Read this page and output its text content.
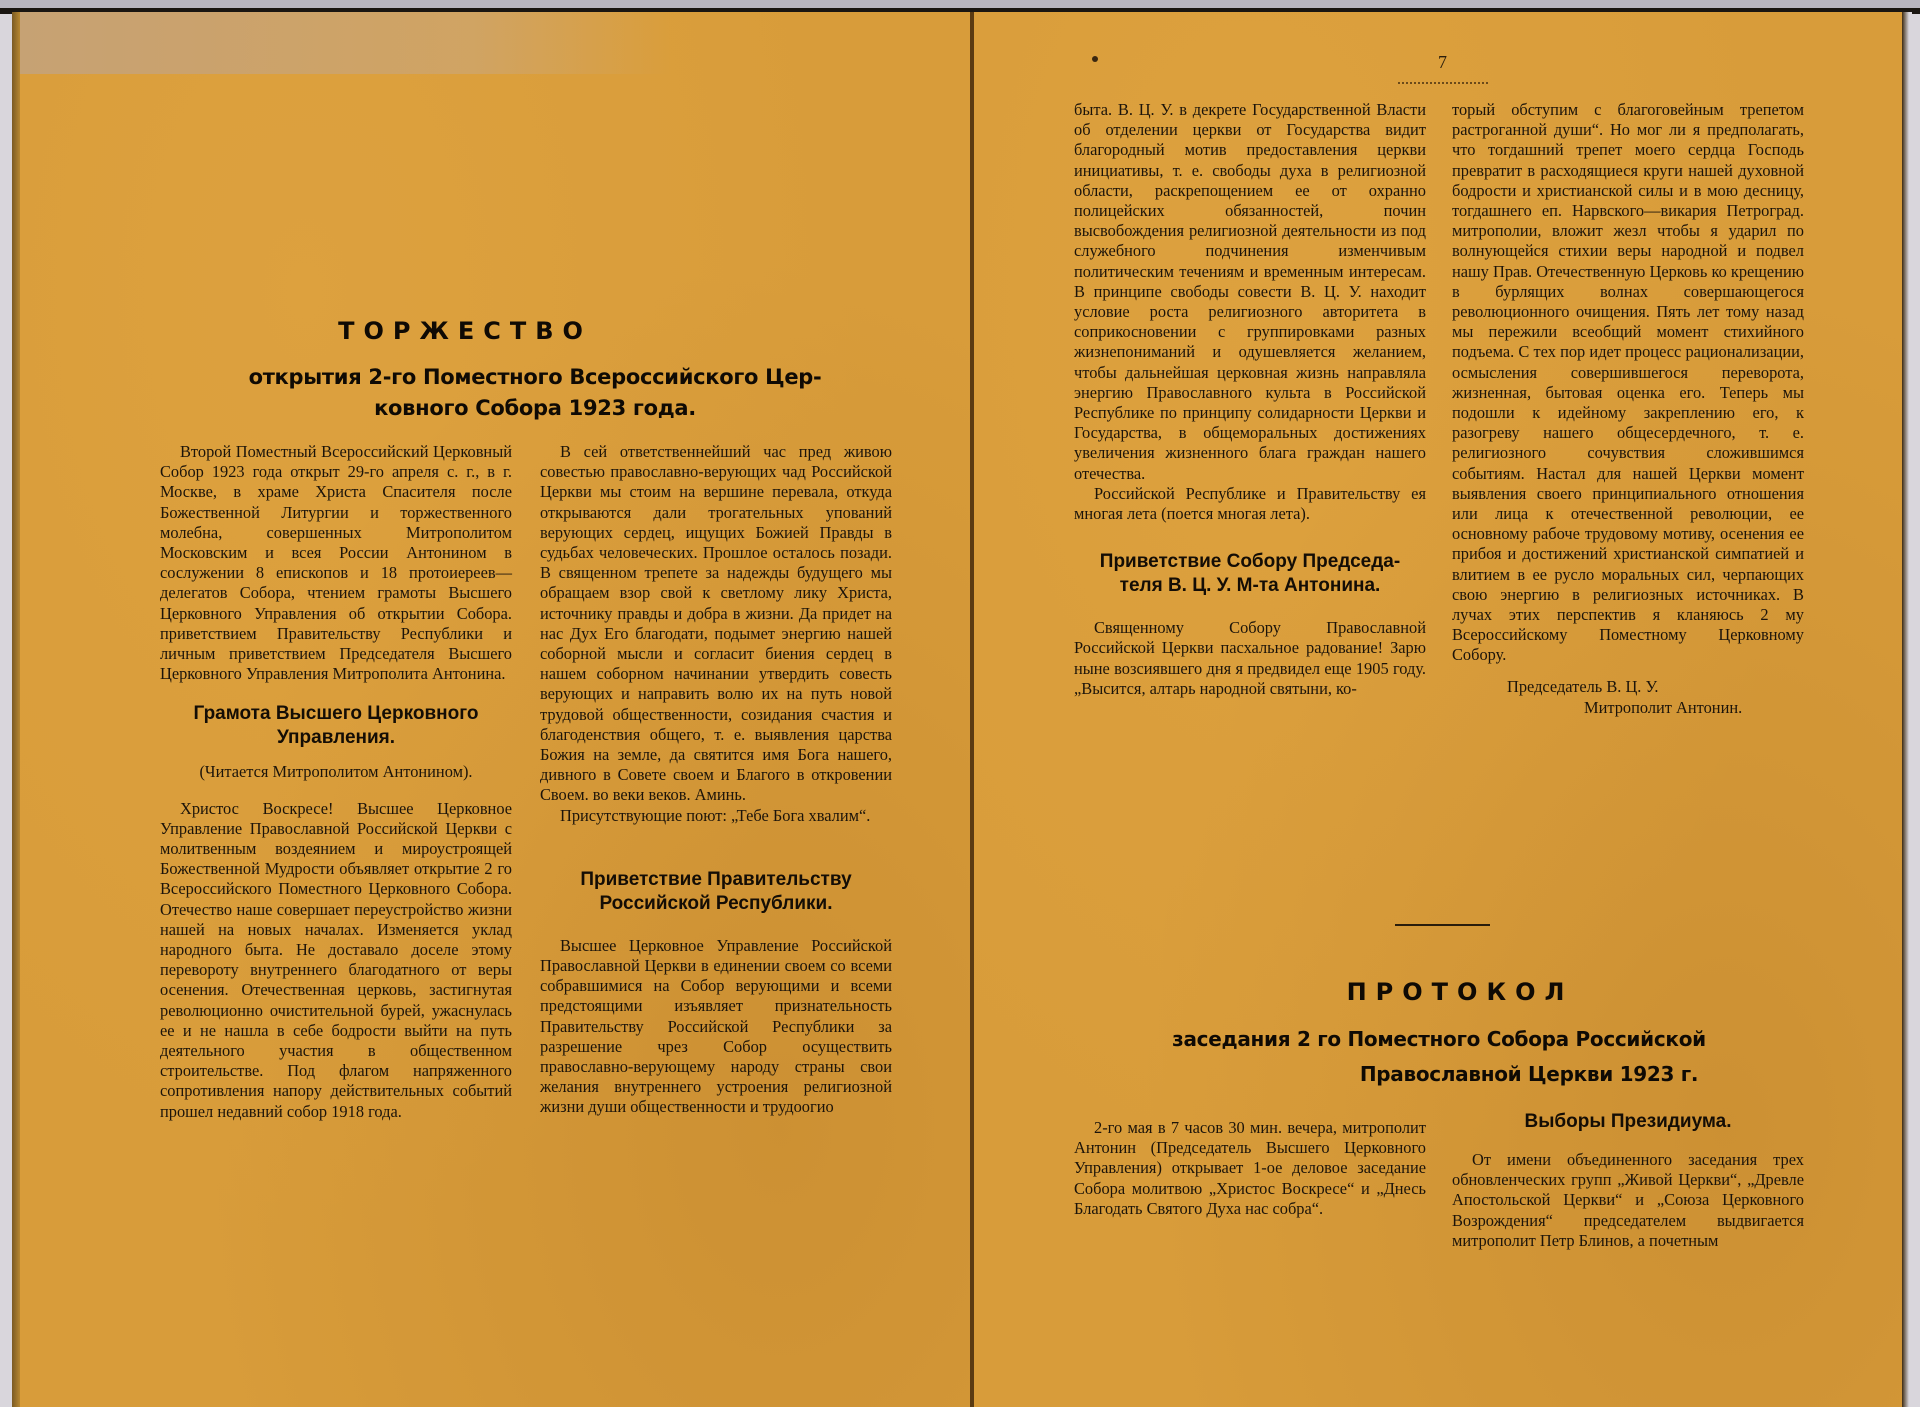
ТОРЖЕСТВО
открытия 2-го Поместного Всероссийского Цер-
ковного Собора 1923 года.

Второй Поместный Всероссийский Церковный Собор 1923 года открыт 29-го апреля с. г., в г. Москве, в храме Христа Спасителя после Божественной Литургии и торжественного молебна, совершенных Митрополитом Московским и всея России Антонином в сослужении 8 епископов и 18 протоиереев—делегатов Собора, чтением грамоты Высшего Церковного Управления об открытии Собора. приветствием Правительству Республики и личным приветствием Председателя Высшего Церковного Управления Митрополита Антонина.

Грамота Высшего Церковного
Управления.
(Читается Митрополитом Антонином).

Христос Воскресе! Высшее Церковное Управление Православной Российской Церкви с молитвенным воздеянием и мироустроящей Божественной Мудрости объявляет открытие 2 го Всероссийского Поместного Церковного Собора. Отечество наше совершает переустройство жизни нашей на новых началах. Изменяется уклад народного быта. Не доставало доселе этому перевороту внутреннего благодатного от веры осенения. Отечественная церковь, застигнутая революционно очистительной бурей, ужаснулась ее и не нашла в себе бодрости выйти на путь деятельного участия в общественном строительстве. Под флагом напряженного сопротивления напору действительных событий прошел недавний собор 1918 года.

В сей ответственнейший час пред живою совестью православно-верующих чад Российской Церкви мы стоим на вершине перевала, откуда открываются дали трогательных упований верующих сердец, ищущих Божией Правды в судьбах человеческих. Прошлое осталось позади. В священном трепете за надежды будущего мы обращаем взор свой к светлому лику Христа, источнику правды и добра в жизни. Да придет на нас Дух Его благодати, подымет энергию нашей соборной мысли и согласит биения сердец в нашем соборном начинании утвердить совесть верующих и направить волю их на путь новой трудовой общественности, созидания счастия и благоденствия общего, т. е. выявления царства Божия на земле, да святится имя Бога нашего, дивного в Совете своем и Благого в откровении Своем. во веки веков. Аминь.

Присутствующие поют: „Тебе Бога хвалим“.

Приветствие Правительству
Российской Республики.

Высшее Церковное Управление Российской Православной Церкви в единении своем со всеми собравшимися на Собор верующими и всеми предстоящими изъявляет признательность Правительству Российской Республики за разрешение чрез Собор осуществить православно-верующему народу страны свои желания внутреннего устроения религиозной жизни души общественности и трудоогио

7

быта. В. Ц. У. в декрете Государственной Власти об отделении церкви от Государства видит благородный мотив предоставления церкви инициативы, т. е. свободы духа в религиозной области, раскрепощением ее от охранно полицейских обязанностей, почин высвобождения религиозной деятельности из под служебного подчинения изменчивым политическим течениям и временным интересам. В принципе свободы совести В. Ц. У. находит условие роста религиозного авторитета в соприкосновении с группировками разных жизнепониманий и одушевляется желанием, чтобы дальнейшая церковная жизнь направляла энергию Православного культа в Российской Республике по принципу солидарности Церкви и Государства, в общеморальных достижениях увеличения жизненного блага граждан нашего отечества.

Российской Республике и Правительству ея многая лета (поется многая лета).

Приветствие Собору Председа-
теля В. Ц. У. М-та Антонина.

Священному Собору Православной Российской Церкви пасхальное радование! Зарю ныне возсиявшего дня я предвидел еще 1905 году. „Высится, алтарь народной святыни, ко-

торый обступим с благоговейным трепетом растроганной души“. Но мог ли я предполагать, что тогдашний трепет моего сердца Господь превратит в расходящиеся круги нашей духовной бодрости и христианской силы и в мою десницу, тогдашнего еп. Нарвского—викария Петроград. митрополии, вложит жезл чтобы я ударил по волнующейся стихии веры народной и подвел нашу Прав. Отечественную Церковь ко крещению в бурлящих волнах совершающегося революционного очищения. Пять лет тому назад мы пережили всеобщий момент стихийного подъема. С тех пор идет процесс рационализации, осмысления совершившегося переворота, жизненная, бытовая оценка его. Теперь мы подошли к идейному закреплению его, к разогреву нашего общесердечного, т. е. религиозного сочувствия сложившимся событиям. Настал для нашей Церкви момент выявления своего принципиального отношения или лица к отечественной революции, ее основному рабоче трудовому мотиву, осенения ее прибоя и достижений христианской симпатией и влитием в ее русло моральных сил, черпающих свою энергию в религиозных источниках. В лучах этих перспектив я кланяюсь 2 му Всероссийскому Поместному Церковному Собору.

Председатель В. Ц. У.
Митрополит Антонин.
ПРОТОКОЛ
заседания 2 го Поместного Собора Российской
Православной Церкви 1923 г.

2-го мая в 7 часов 30 мин. вечера, митрополит Антонин (Председатель Высшего Церковного Управления) открывает 1-ое деловое заседание Собора молитвою „Христос Воскресе“ и „Днесь Благодать Святого Духа нас собра“.

Выборы Президиума.

От имени объединенного заседания трех обновленческих групп „Живой Церкви“, „Древле Апостольской Церкви“ и „Союза Церковного Возрождения“ председателем выдвигается митрополит Петр Блинов, а почетным
